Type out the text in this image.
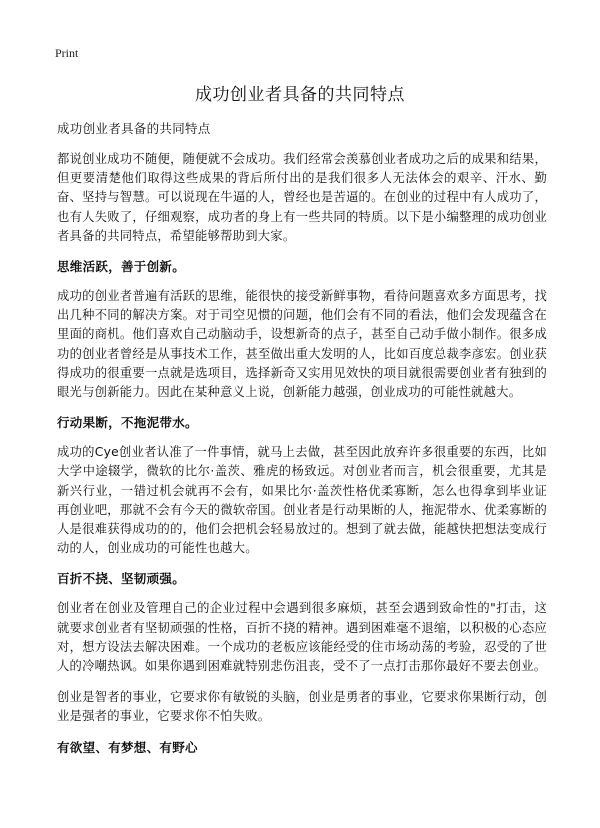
Print
成功创业者具备的共同特点

成功创业者具备的共同特点

都说创业成功不随便，随便就不会成功。我们经常会羡慕创业者成功之后的成果和结果，但更要清楚他们取得这些成果的背后所付出的是我们很多人无法体会的艰辛、汗水、勤奋、坚持与智慧。可以说现在牛逼的人，曾经也是苦逼的。在创业的过程中有人成功了，也有人失败了，仔细观察，成功者的身上有一些共同的特质。以下是小编整理的成功创业者具备的共同特点，希望能够帮助到大家。

思维活跃，善于创新。

成功的创业者普遍有活跃的思维，能很快的接受新鲜事物，看待问题喜欢多方面思考，找出几种不同的解决方案。对于司空见惯的问题，他们会有不同的看法，他们会发现蕴含在里面的商机。他们喜欢自己动脑动手，设想新奇的点子，甚至自己动手做小制作。很多成功的创业者曾经是从事技术工作，甚至做出重大发明的人，比如百度总裁李彦宏。创业获得成功的很重要一点就是选项目，选择新奇又实用见效快的项目就很需要创业者有独到的眼光与创新能力。因此在某种意义上说，创新能力越强，创业成功的可能性就越大。

行动果断，不拖泥带水。

成功的Cye创业者认准了一件事情，就马上去做，甚至因此放弃许多很重要的东西，比如大学中途辍学，微软的比尔·盖茨、雅虎的杨致远。对创业者而言，机会很重要，尤其是新兴行业，一错过机会就再不会有，如果比尔·盖茨性格优柔寡断，怎么也得拿到毕业证再创业吧，那就不会有今天的微软帝国。创业者是行动果断的人，拖泥带水、优柔寡断的人是很难获得成功的的，他们会把机会轻易放过的。想到了就去做，能越快把想法变成行动的人，创业成功的可能性也越大。

百折不挠、坚韧顽强。

创业者在创业及管理自己的企业过程中会遇到很多麻烦，甚至会遇到致命性的"打击，这就要求创业者有坚韧顽强的性格，百折不挠的精神。遇到困难毫不退缩，以积极的心态应对，想方设法去解决困难。一个成功的老板应该能经受的住市场动荡的考验，忍受的了世人的冷嘲热讽。如果你遇到困难就特别悲伤沮丧，受不了一点打击那你最好不要去创业。

创业是智者的事业，它要求你有敏锐的头脑，创业是勇者的事业，它要求你果断行动，创业是强者的事业，它要求你不怕失败。

有欲望、有梦想、有野心
